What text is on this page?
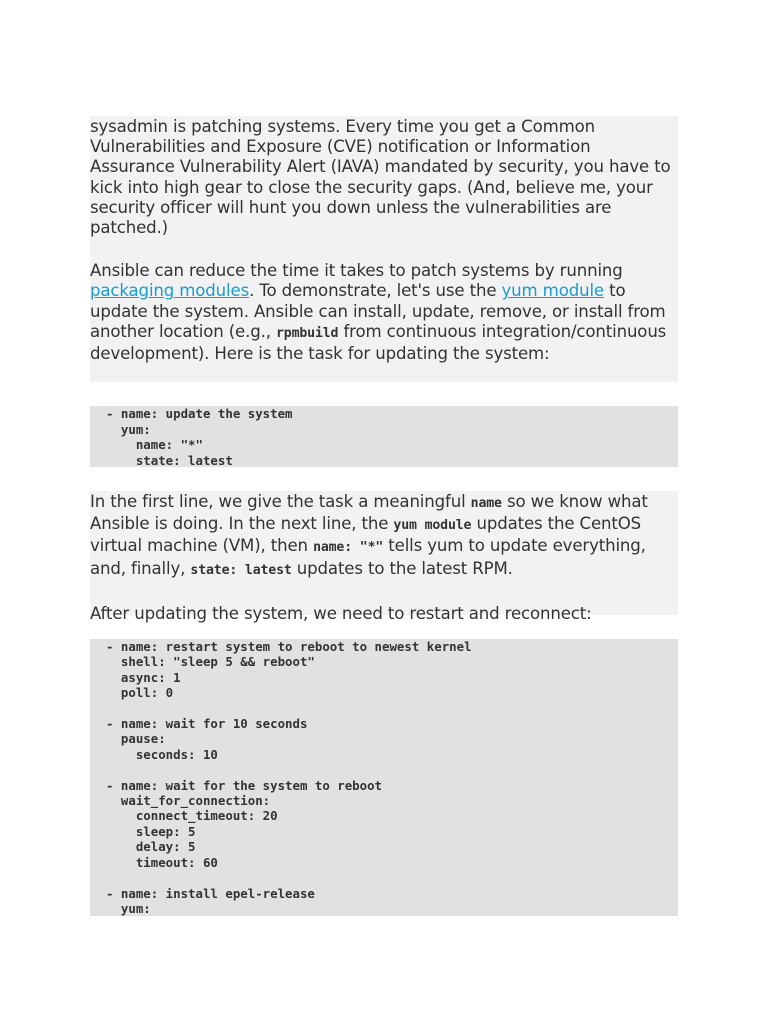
sysadmin is patching systems. Every time you get a Common Vulnerabilities and Exposure (CVE) notification or Information Assurance Vulnerability Alert (IAVA) mandated by security, you have to kick into high gear to close the security gaps. (And, believe me, your security officer will hunt you down unless the vulnerabilities are patched.)

Ansible can reduce the time it takes to patch systems by running packaging modules. To demonstrate, let's use the yum module to update the system. Ansible can install, update, remove, or install from another location (e.g., rpmbuild from continuous integration/continuous development). Here is the task for updating the system:

- name: update the system
yum:
name: "*"
state: latest

In the first line, we give the task a meaningful name so we know what Ansible is doing. In the next line, the yum module updates the CentOS virtual machine (VM), then name: "*" tells yum to update everything, and, finally, state: latest updates to the latest RPM.

After updating the system, we need to restart and reconnect:

- name: restart system to reboot to newest kernel
shell: "sleep 5 && reboot"
async: 1
poll: 0

- name: wait for 10 seconds
pause:
seconds: 10

- name: wait for the system to reboot
wait_for_connection:
connect_timeout: 20
sleep: 5
delay: 5
timeout: 60

- name: install epel-release
yum:
